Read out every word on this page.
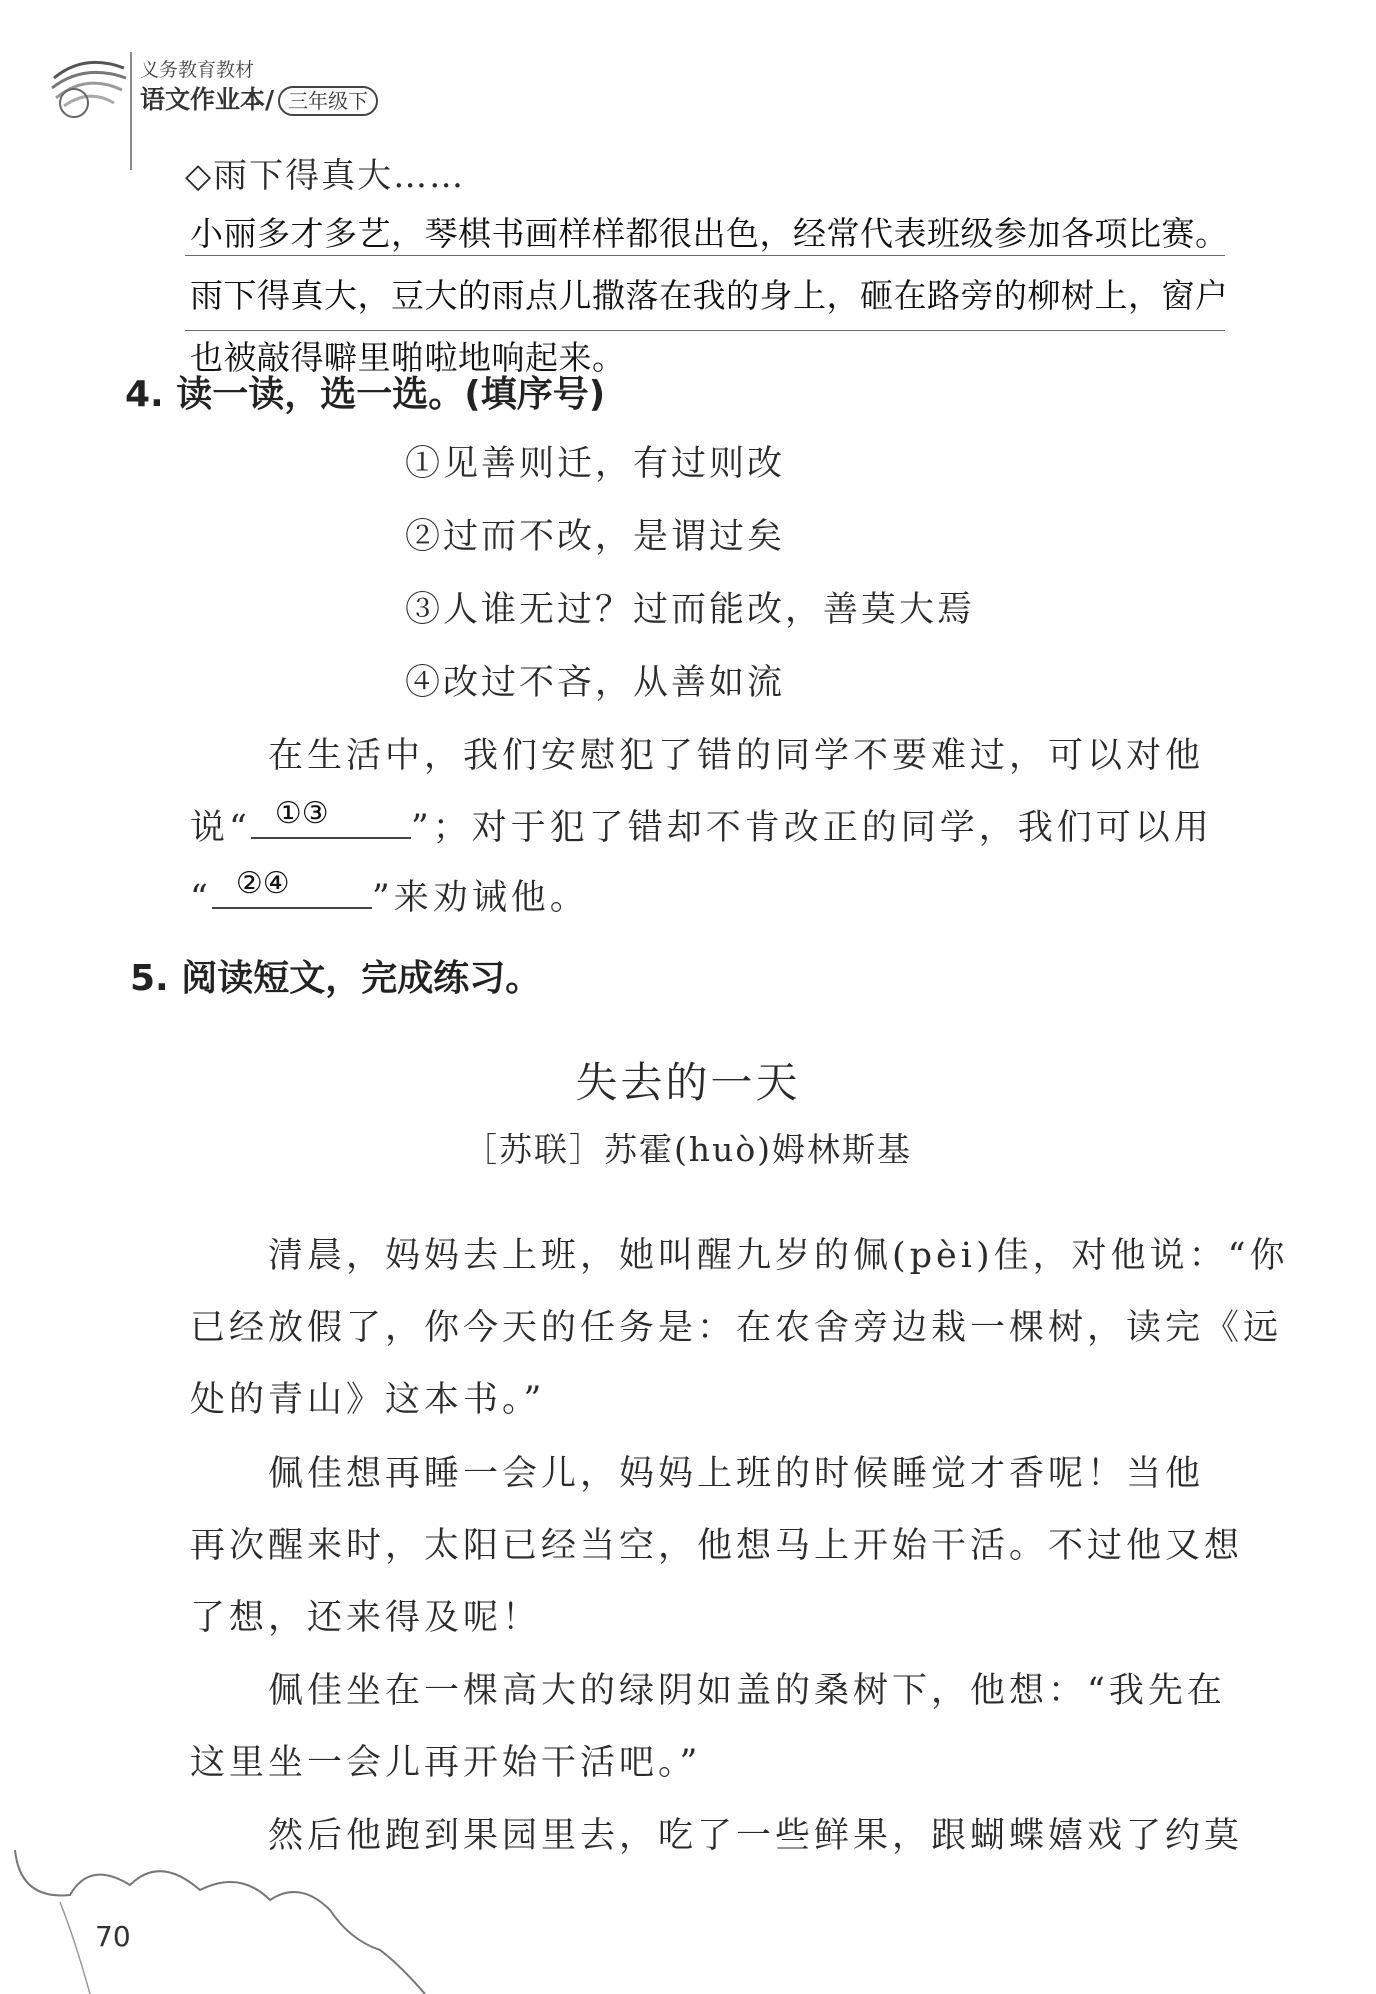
义务教育教材
语文作业本/ 三年级下
◇雨下得真大……
小丽多才多艺，琴棋书画样样都很出色，经常代表班级参加各项比赛。
雨下得真大，豆大的雨点儿撒落在我的身上，砸在路旁的柳树上，窗户
也被敲得噼里啪啦地响起来。
4. 读一读，选一选。(填序号)
①见善则迁，有过则改
②过而不改，是谓过矣
③人谁无过？过而能改，善莫大焉
④改过不吝，从善如流
在生活中，我们安慰犯了错的同学不要难过，可以对他
说“ ①③ ”；对于犯了错却不肯改正的同学，我们可以用
“ ②④ ”来劝诫他。
5. 阅读短文，完成练习。
失去的一天
［苏联］苏霍(huò)姆林斯基
清晨，妈妈去上班，她叫醒九岁的佩(pèi)佳，对他说：“你
已经放假了，你今天的任务是：在农舍旁边栽一棵树，读完《远
处的青山》这本书。”
佩佳想再睡一会儿，妈妈上班的时候睡觉才香呢！当他
再次醒来时，太阳已经当空，他想马上开始干活。不过他又想
了想，还来得及呢！
佩佳坐在一棵高大的绿阴如盖的桑树下，他想：“我先在
这里坐一会儿再开始干活吧。”
然后他跑到果园里去，吃了一些鲜果，跟蝴蝶嬉戏了约莫
70
